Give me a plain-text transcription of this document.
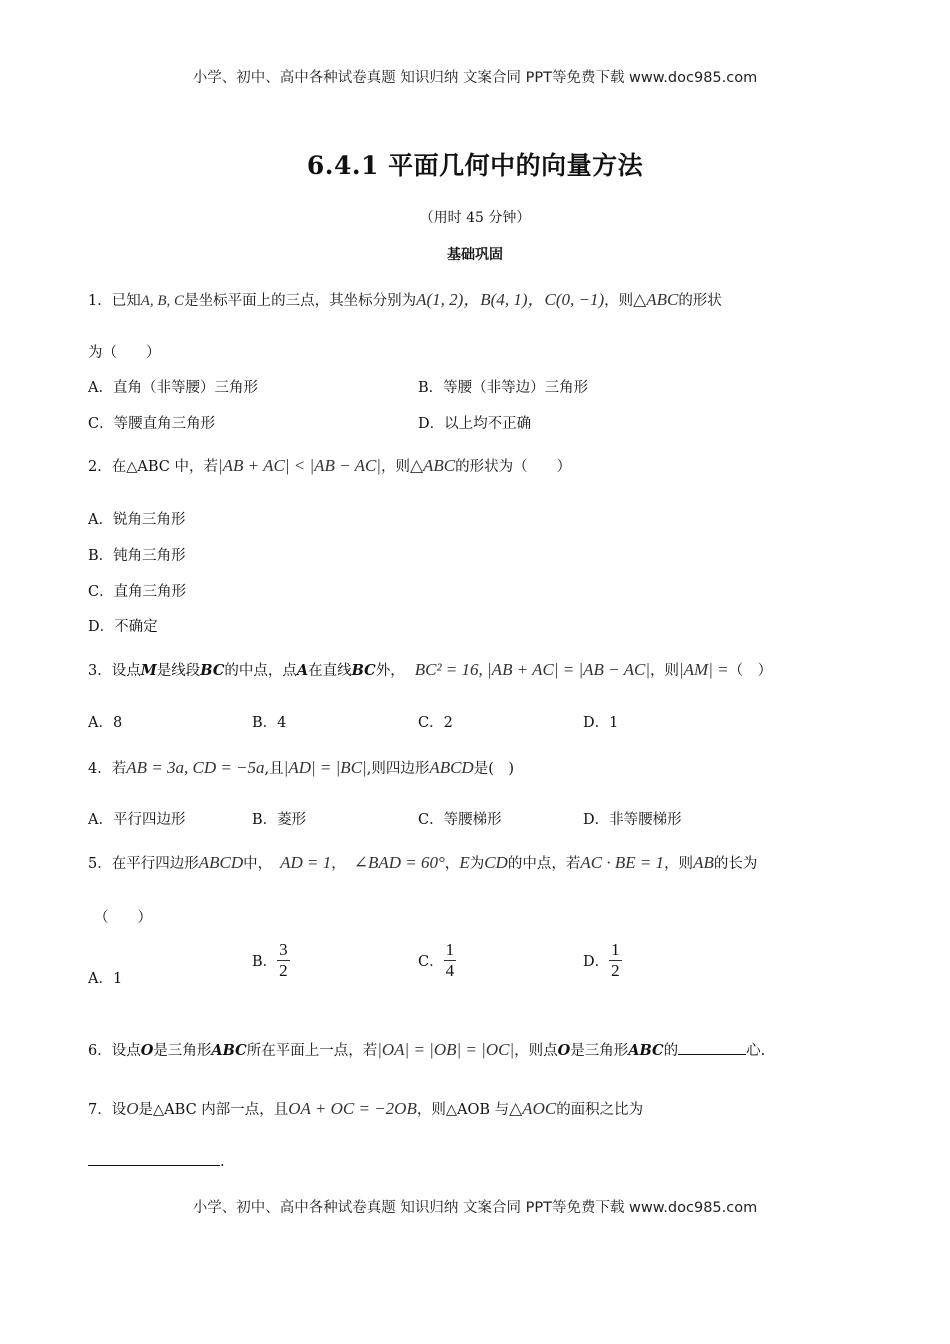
小学、初中、高中各种试卷真题 知识归纳 文案合同 PPT等免费下载 www.doc985.com
6.4.1 平面几何中的向量方法
（用时 45 分钟）
基础巩固
1．已知A, B, C是坐标平面上的三点，其坐标分别为A(1, 2)，B(4, 1)，C(0, −1)，则△ABC的形状
为（　　）
A．直角（非等腰）三角形	B．等腰（非等边）三角形
C．等腰直角三角形	D．以上均不正确
2．在△ABC 中，若|AB + AC| < |AB − AC|，则△ABC的形状为（　　）
A．锐角三角形
B．钝角三角形
C．直角三角形
D．不确定
3．设点M是线段BC的中点，点A在直线BC外， BC² = 16, |AB + AC| = |AB − AC|，则|AM| =（　）
A．8	B．4	C．2	D．1
4．若AB = 3a, CD = −5a,且|AD| = |BC|,则四边形ABCD是(　)
A．平行四边形	B．菱形	C．等腰梯形	D．非等腰梯形
5．在平行四边形ABCD中， AD = 1， ∠BAD = 60°，E为CD的中点，若AC · BE = 1，则AB的长为
（　　）
A．1
B． $\frac{3}{2}$	C． $\frac{1}{4}$	D． $\frac{1}{2}$
6．设点O是三角形ABC所在平面上一点，若|OA| = |OB| = |OC|，则点O是三角形ABC的	心.
7．设O是△ABC 内部一点，且OA + OC = −2OB，则△AOB 与△AOC的面积之比为
.
小学、初中、高中各种试卷真题 知识归纳 文案合同 PPT等免费下载 www.doc985.com
